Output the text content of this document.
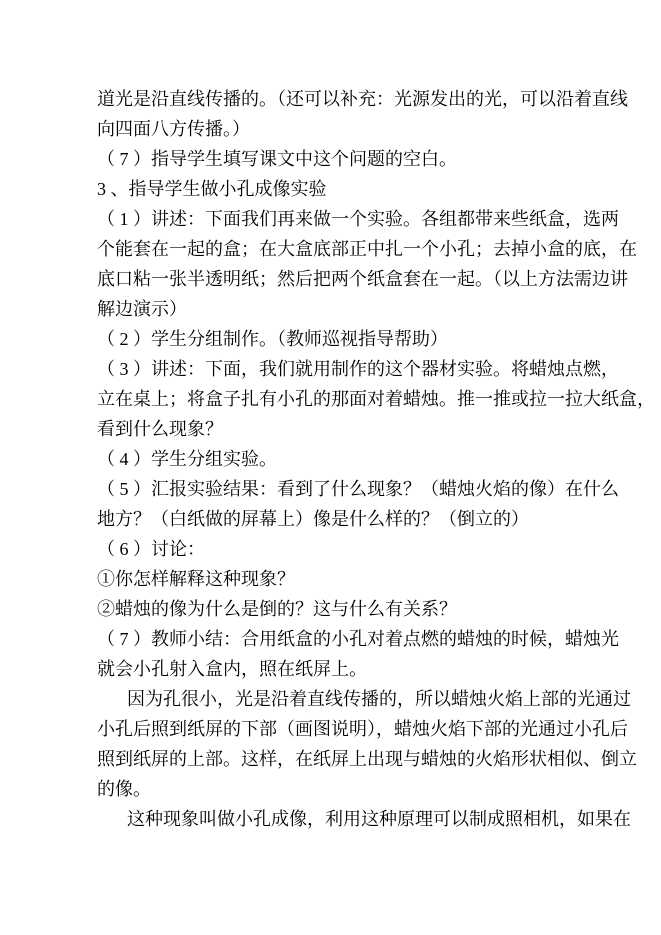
道光是沿直线传播的。（还可以补充：光源发出的光，可以沿着直线
向四面八方传播。）
（ 7 ）指导学生填写课文中这个问题的空白。
3 、指导学生做小孔成像实验
（ 1 ）讲述：下面我们再来做一个实验。各组都带来些纸盒，选两
个能套在一起的盒；在大盒底部正中扎一个小孔；去掉小盒的底，在
底口粘一张半透明纸；然后把两个纸盒套在一起。（以上方法需边讲
解边演示）
（ 2 ）学生分组制作。（教师巡视指导帮助）
（ 3 ）讲述：下面，我们就用制作的这个器材实验。将蜡烛点燃，
立在桌上；将盒子扎有小孔的那面对着蜡烛。推一推或拉一拉大纸盒，
看到什么现象？
（ 4 ）学生分组实验。
（ 5 ）汇报实验结果：看到了什么现象？（蜡烛火焰的像）在什么
地方？（白纸做的屏幕上）像是什么样的？（倒立的）
（ 6 ）讨论：
①你怎样解释这种现象？
②蜡烛的像为什么是倒的？这与什么有关系？
（ 7 ）教师小结：合用纸盒的小孔对着点燃的蜡烛的时候，蜡烛光
就会小孔射入盒内，照在纸屏上。
因为孔很小，光是沿着直线传播的，所以蜡烛火焰上部的光通过
小孔后照到纸屏的下部（画图说明），蜡烛火焰下部的光通过小孔后
照到纸屏的上部。这样，在纸屏上出现与蜡烛的火焰形状相似、倒立
的像。
这种现象叫做小孔成像，利用这种原理可以制成照相机，如果在
